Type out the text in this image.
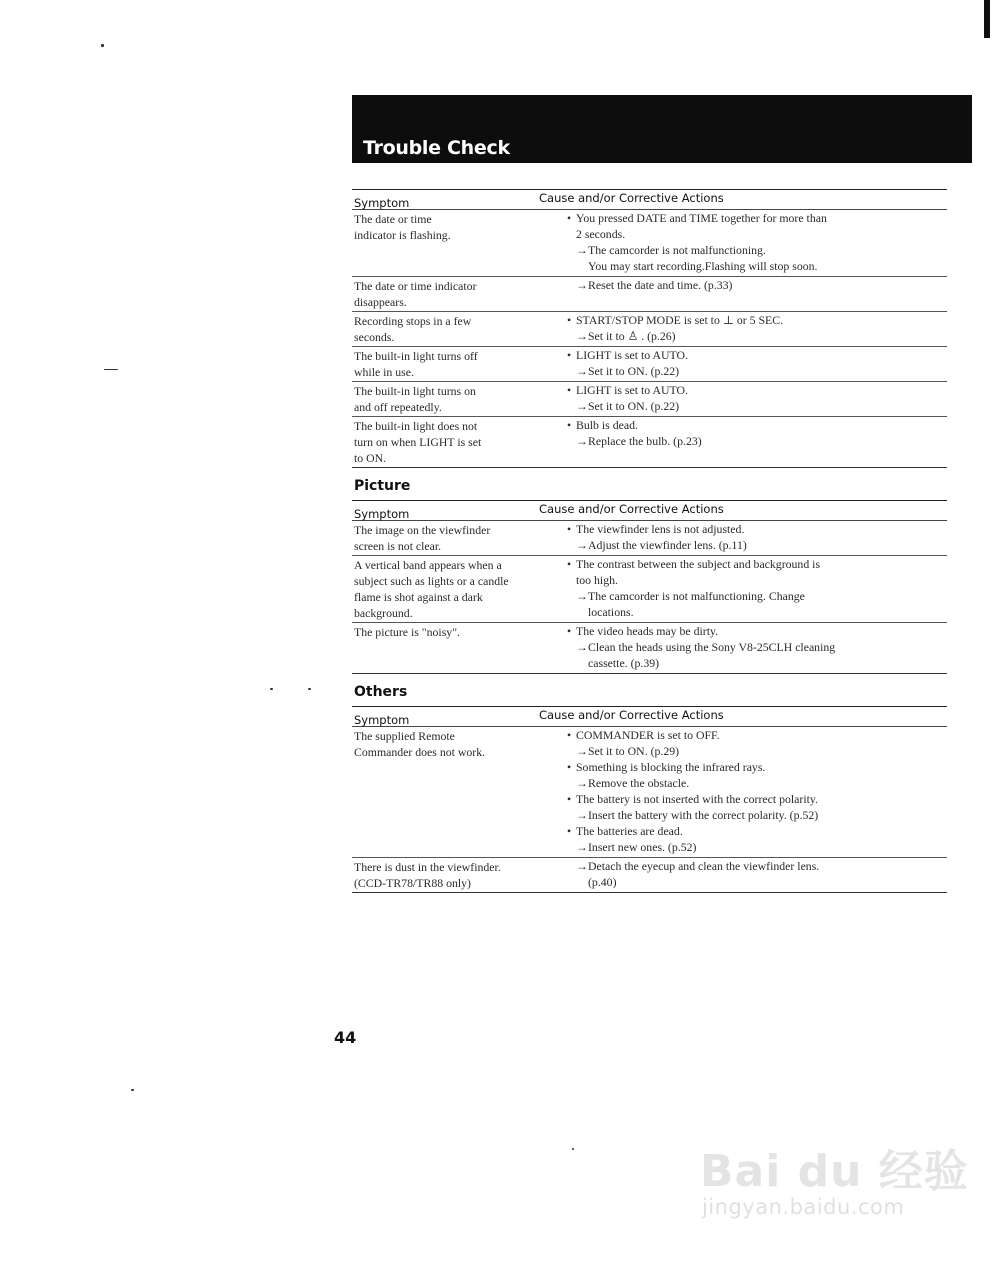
Trouble Check
Symptom	Cause and/or Corrective Actions
The date or time
indicator is flashing.
• You pressed DATE and TIME together for more than
2 seconds.
→The camcorder is not malfunctioning.
You may start recording.Flashing will stop soon.
The date or time indicator
disappears.
→Reset the date and time. (p.33)
Recording stops in a few
seconds.
• START/STOP MODE is set to ⊥ or 5 SEC.
→Set it to ♙ . (p.26)
The built-in light turns off
while in use.
• LIGHT is set to AUTO.
→Set it to ON. (p.22)
The built-in light turns on
and off repeatedly.
• LIGHT is set to AUTO.
→Set it to ON. (p.22)
The built-in light does not
turn on when LIGHT is set
to ON.
• Bulb is dead.
→Replace the bulb. (p.23)
Picture
Symptom	Cause and/or Corrective Actions
The image on the viewfinder
screen is not clear.
• The viewfinder lens is not adjusted.
→Adjust the viewfinder lens. (p.11)
A vertical band appears when a
subject such as lights or a candle
flame is shot against a dark
background.
• The contrast between the subject and background is
too high.
→The camcorder is not malfunctioning. Change
locations.
The picture is "noisy".
•	The video heads may be dirty.
→Clean the heads using the Sony V8-25CLH cleaning
cassette. (p.39)
Others
Symptom	Cause and/or Corrective Actions
The supplied Remote
Commander does not work.
• COMMANDER is set to OFF.
→Set it to ON. (p.29)
• Something is blocking the infrared rays.
→Remove the obstacle.
• The battery is not inserted with the correct polarity.
→Insert the battery with the correct polarity. (p.52)
• The batteries are dead.
→Insert new ones. (p.52)
There is dust in the viewfinder.
(CCD-TR78/TR88 only)
→Detach the eyecup and clean the viewfinder lens.
(p.40)
44
Bai du 经验
jingyan.baidu.com
